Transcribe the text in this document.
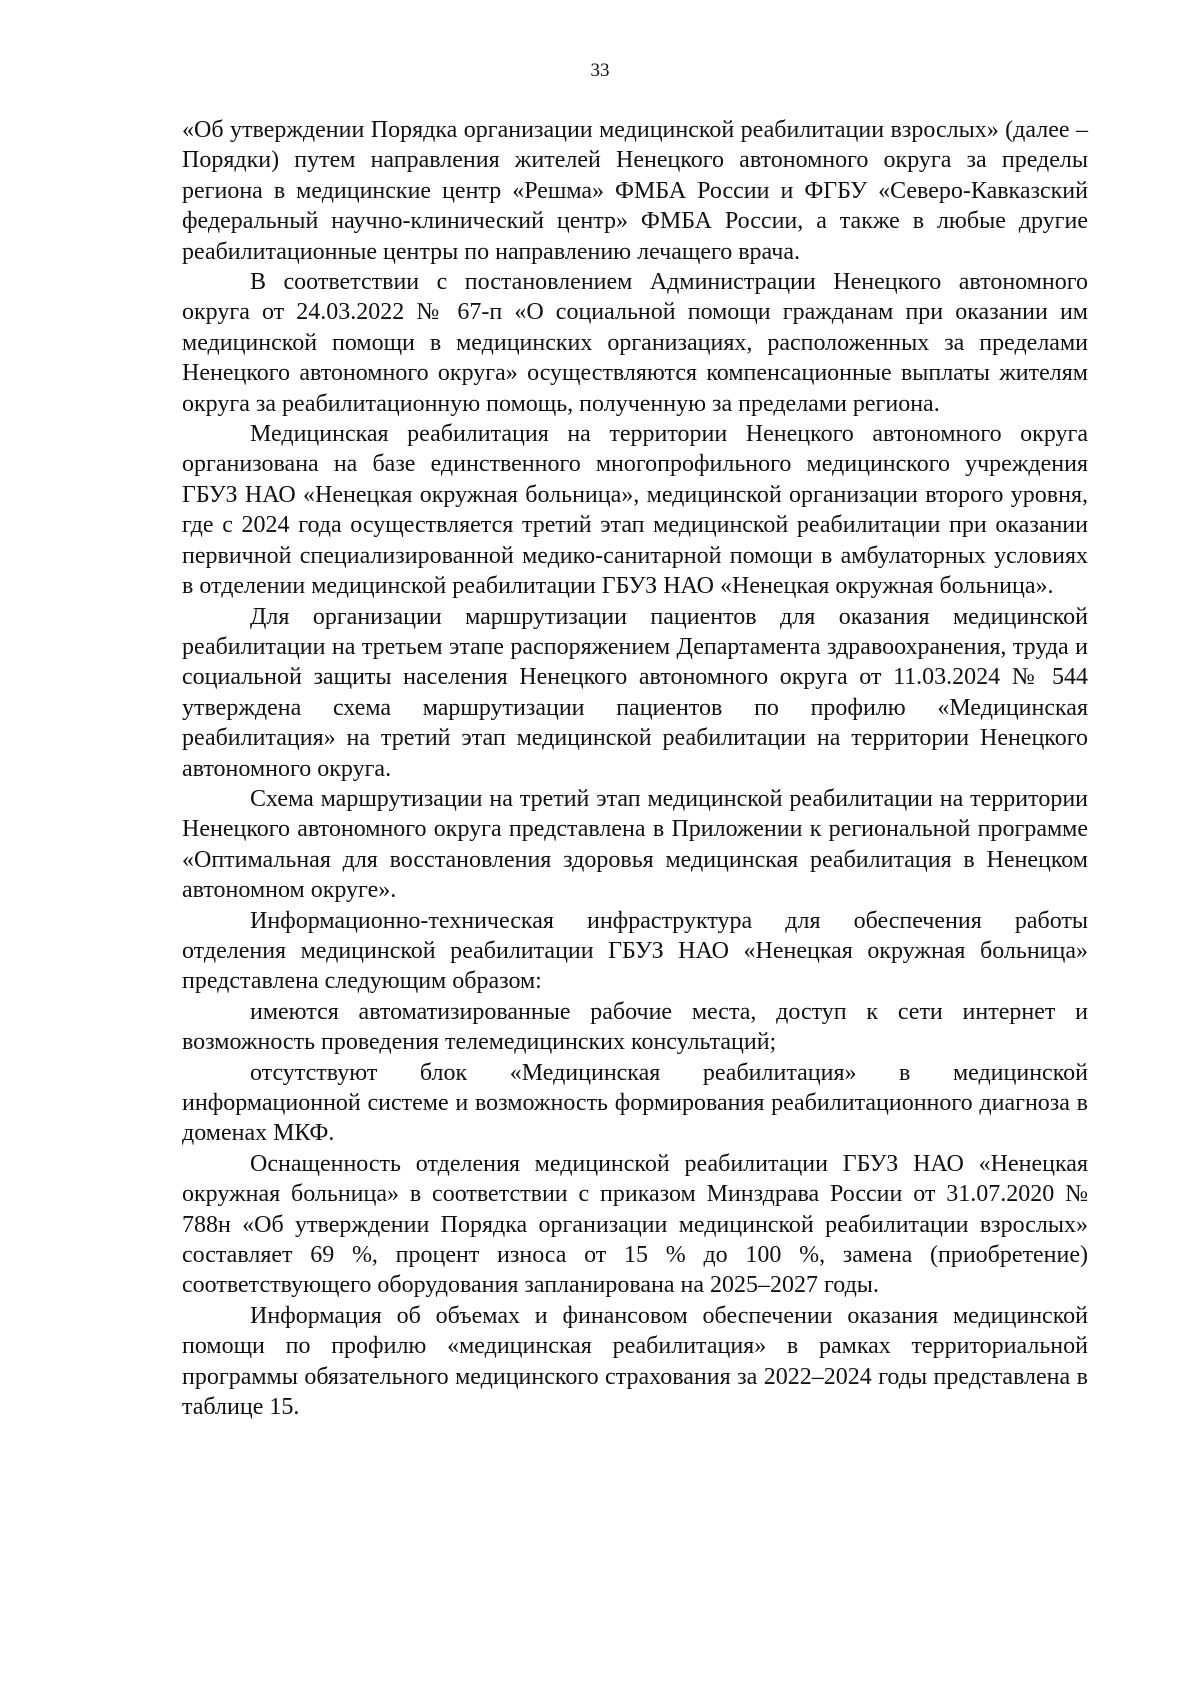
33

«Об утверждении Порядка организации медицинской реабилитации взрослых» (далее – Порядки) путем направления жителей Ненецкого автономного округа за пределы региона в медицинские центр «Решма» ФМБА России и ФГБУ «Северо-Кавказский федеральный научно-клинический центр» ФМБА России, а также в любые другие реабилитационные центры по направлению лечащего врача.

В соответствии с постановлением Администрации Ненецкого автономного округа от 24.03.2022 № 67-п «О социальной помощи гражданам при оказании им медицинской помощи в медицинских организациях, расположенных за пределами Ненецкого автономного округа» осуществляются компенсационные выплаты жителям округа за реабилитационную помощь, полученную за пределами региона.

Медицинская реабилитация на территории Ненецкого автономного округа организована на базе единственного многопрофильного медицинского учреждения ГБУЗ НАО «Ненецкая окружная больница», медицинской организации второго уровня, где с 2024 года осуществляется третий этап медицинской реабилитации при оказании первичной специализированной медико-санитарной помощи в амбулаторных условиях в отделении медицинской реабилитации ГБУЗ НАО «Ненецкая окружная больница».

Для организации маршрутизации пациентов для оказания медицинской реабилитации на третьем этапе распоряжением Департамента здравоохранения, труда и социальной защиты населения Ненецкого автономного округа от 11.03.2024 № 544 утверждена схема маршрутизации пациентов по профилю «Медицинская реабилитация» на третий этап медицинской реабилитации на территории Ненецкого автономного округа.

Схема маршрутизации на третий этап медицинской реабилитации на территории Ненецкого автономного округа представлена в Приложении к региональной программе «Оптимальная для восстановления здоровья медицинская реабилитация в Ненецком автономном округе».

Информационно-техническая инфраструктура для обеспечения работы отделения медицинской реабилитации ГБУЗ НАО «Ненецкая окружная больница» представлена следующим образом:

имеются автоматизированные рабочие места, доступ к сети интернет и возможность проведения телемедицинских консультаций;

отсутствуют блок «Медицинская реабилитация» в медицинской информационной системе и возможность формирования реабилитационного диагноза в доменах МКФ.

Оснащенность отделения медицинской реабилитации ГБУЗ НАО «Ненецкая окружная больница» в соответствии с приказом Минздрава России от 31.07.2020 № 788н «Об утверждении Порядка организации медицинской реабилитации взрослых» составляет 69 %, процент износа от 15 % до 100 %, замена (приобретение) соответствующего оборудования запланирована на 2025–2027 годы.

Информация об объемах и финансовом обеспечении оказания медицинской помощи по профилю «медицинская реабилитация» в рамках территориальной программы обязательного медицинского страхования за 2022–2024 годы представлена в таблице 15.
